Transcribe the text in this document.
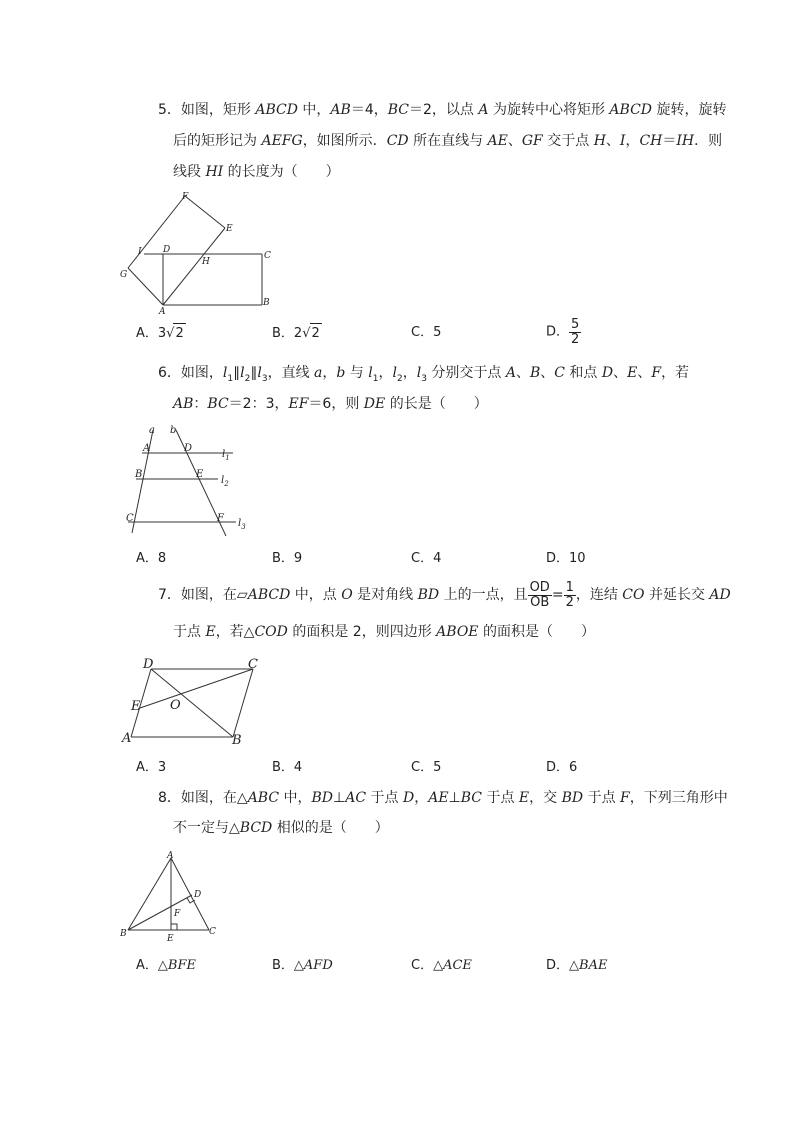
5．如图，矩形 ABCD 中，AB＝4，BC＝2，以点 A 为旋转中心将矩形 ABCD 旋转，旋转
后的矩形记为 AEFG，如图所示．CD 所在直线与 AE、GF 交于点 H、I，CH＝IH．则
线段 HI 的长度为（　　）
F
E
I D
C
G
H
A
B
A．3√2	B．2√2	C．5	D． $\frac{5}{2}$
6．如图，$l_1\parallel l_2\parallel l_3$，直线 a，b 与 $l_1$，$l_2$，$l_3$ 分别交于点 A、B、C 和点 D、E、F，若
AB：BC＝2：3，EF＝6，则 DE 的长是（　　）
a b
A	D
$l_1$
B	E
$l_2$
C	F $l_3$
A．8	B．9	C．4	D．10
7．如图，在▱ABCD 中，点 O 是对角线 BD 上的一点，且 $\frac{OD}{OB} = \frac{1}{2}$ ，连结 CO 并延长交 AD
于点 E，若△COD 的面积是 2，则四边形 ABOE 的面积是（　　）
D	C
E O
A	B
A．3	B．4	C．5	D．6
8．如图，在△ABC 中，BD⊥AC 于点 D，AE⊥BC 于点 E，交 BD 于点 F，下列三角形中
不一定与△BCD 相似的是（　　）
A
D
F
B	E
C
A．△BFE	B．△AFD	C．△ACE	D．△BAE
